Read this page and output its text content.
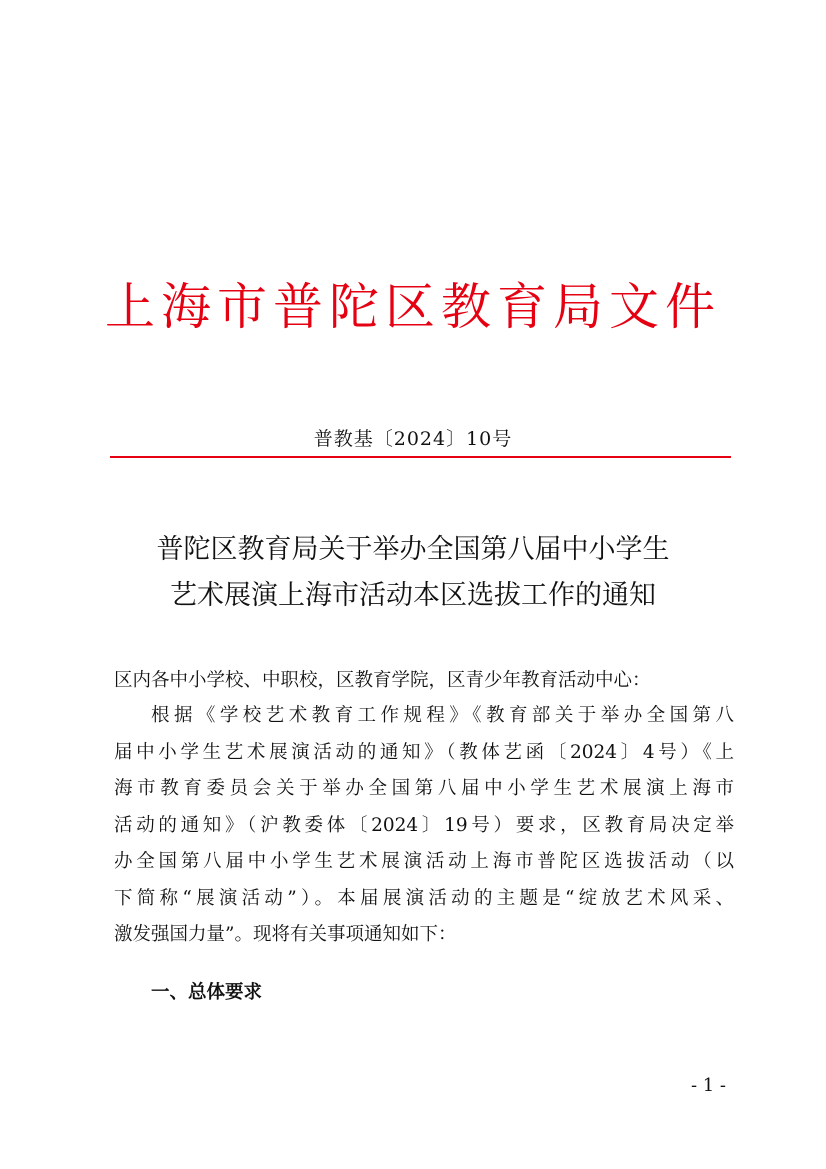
上海市普陀区教育局文件
普教基〔2024〕10号
普陀区教育局关于举办全国第八届中小学生
艺术展演上海市活动本区选拔工作的通知
区内各中小学校、中职校，区教育学院，区青少年教育活动中心：
根据《学校艺术教育工作规程》《教育部关于举办全国第八
届中小学生艺术展演活动的通知》（教体艺函〔2024〕4号）《上
海市教育委员会关于举办全国第八届中小学生艺术展演上海市
活动的通知》（沪教委体〔2024〕19号）要求，区教育局决定举
办全国第八届中小学生艺术展演活动上海市普陀区选拔活动（以
下简称“展演活动”）。本届展演活动的主题是“绽放艺术风采、
激发强国力量”。现将有关事项通知如下：
一、总体要求
- 1 -
